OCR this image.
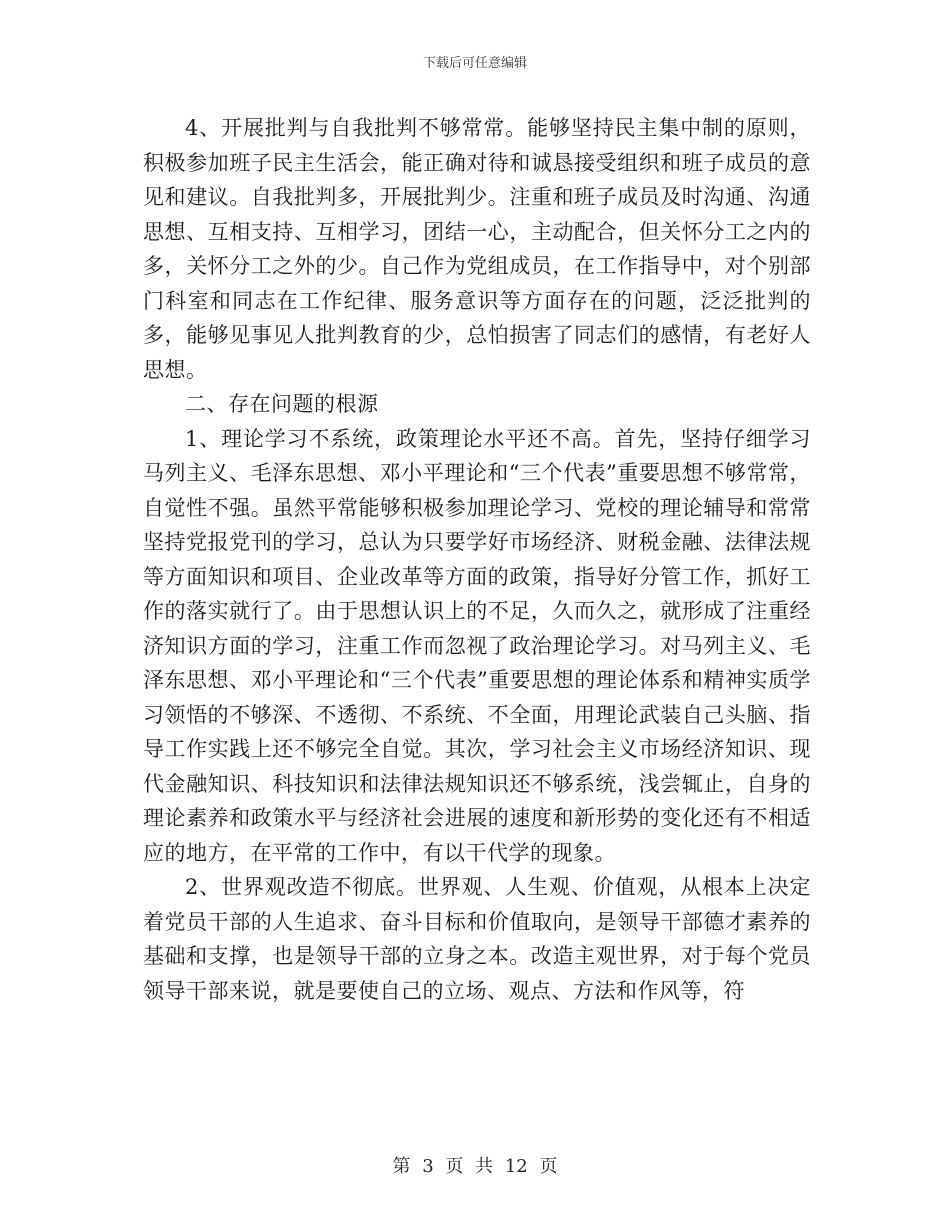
下载后可任意编辑

4、开展批判与自我批判不够常常。能够坚持民主集中制的原则，积极参加班子民主生活会，能正确对待和诚恳接受组织和班子成员的意见和建议。自我批判多，开展批判少。注重和班子成员及时沟通、沟通思想、互相支持、互相学习，团结一心，主动配合，但关怀分工之内的多，关怀分工之外的少。自己作为党组成员，在工作指导中，对个别部门科室和同志在工作纪律、服务意识等方面存在的问题，泛泛批判的多，能够见事见人批判教育的少，总怕损害了同志们的感情，有老好人思想。

二、存在问题的根源

1、理论学习不系统，政策理论水平还不高。首先，坚持仔细学习马列主义、毛泽东思想、邓小平理论和“三个代表”重要思想不够常常，自觉性不强。虽然平常能够积极参加理论学习、党校的理论辅导和常常坚持党报党刊的学习，总认为只要学好市场经济、财税金融、法律法规等方面知识和项目、企业改革等方面的政策，指导好分管工作，抓好工作的落实就行了。由于思想认识上的不足，久而久之，就形成了注重经济知识方面的学习，注重工作而忽视了政治理论学习。对马列主义、毛泽东思想、邓小平理论和“三个代表”重要思想的理论体系和精神实质学习领悟的不够深、不透彻、不系统、不全面，用理论武装自己头脑、指导工作实践上还不够完全自觉。其次，学习社会主义市场经济知识、现代金融知识、科技知识和法律法规知识还不够系统，浅尝辄止，自身的理论素养和政策水平与经济社会进展的速度和新形势的变化还有不相适应的地方，在平常的工作中，有以干代学的现象。

2、世界观改造不彻底。世界观、人生观、价值观，从根本上决定着党员干部的人生追求、奋斗目标和价值取向，是领导干部德才素养的基础和支撑，也是领导干部的立身之本。改造主观世界，对于每个党员领导干部来说，就是要使自己的立场、观点、方法和作风等，符

第 3 页 共 12 页
